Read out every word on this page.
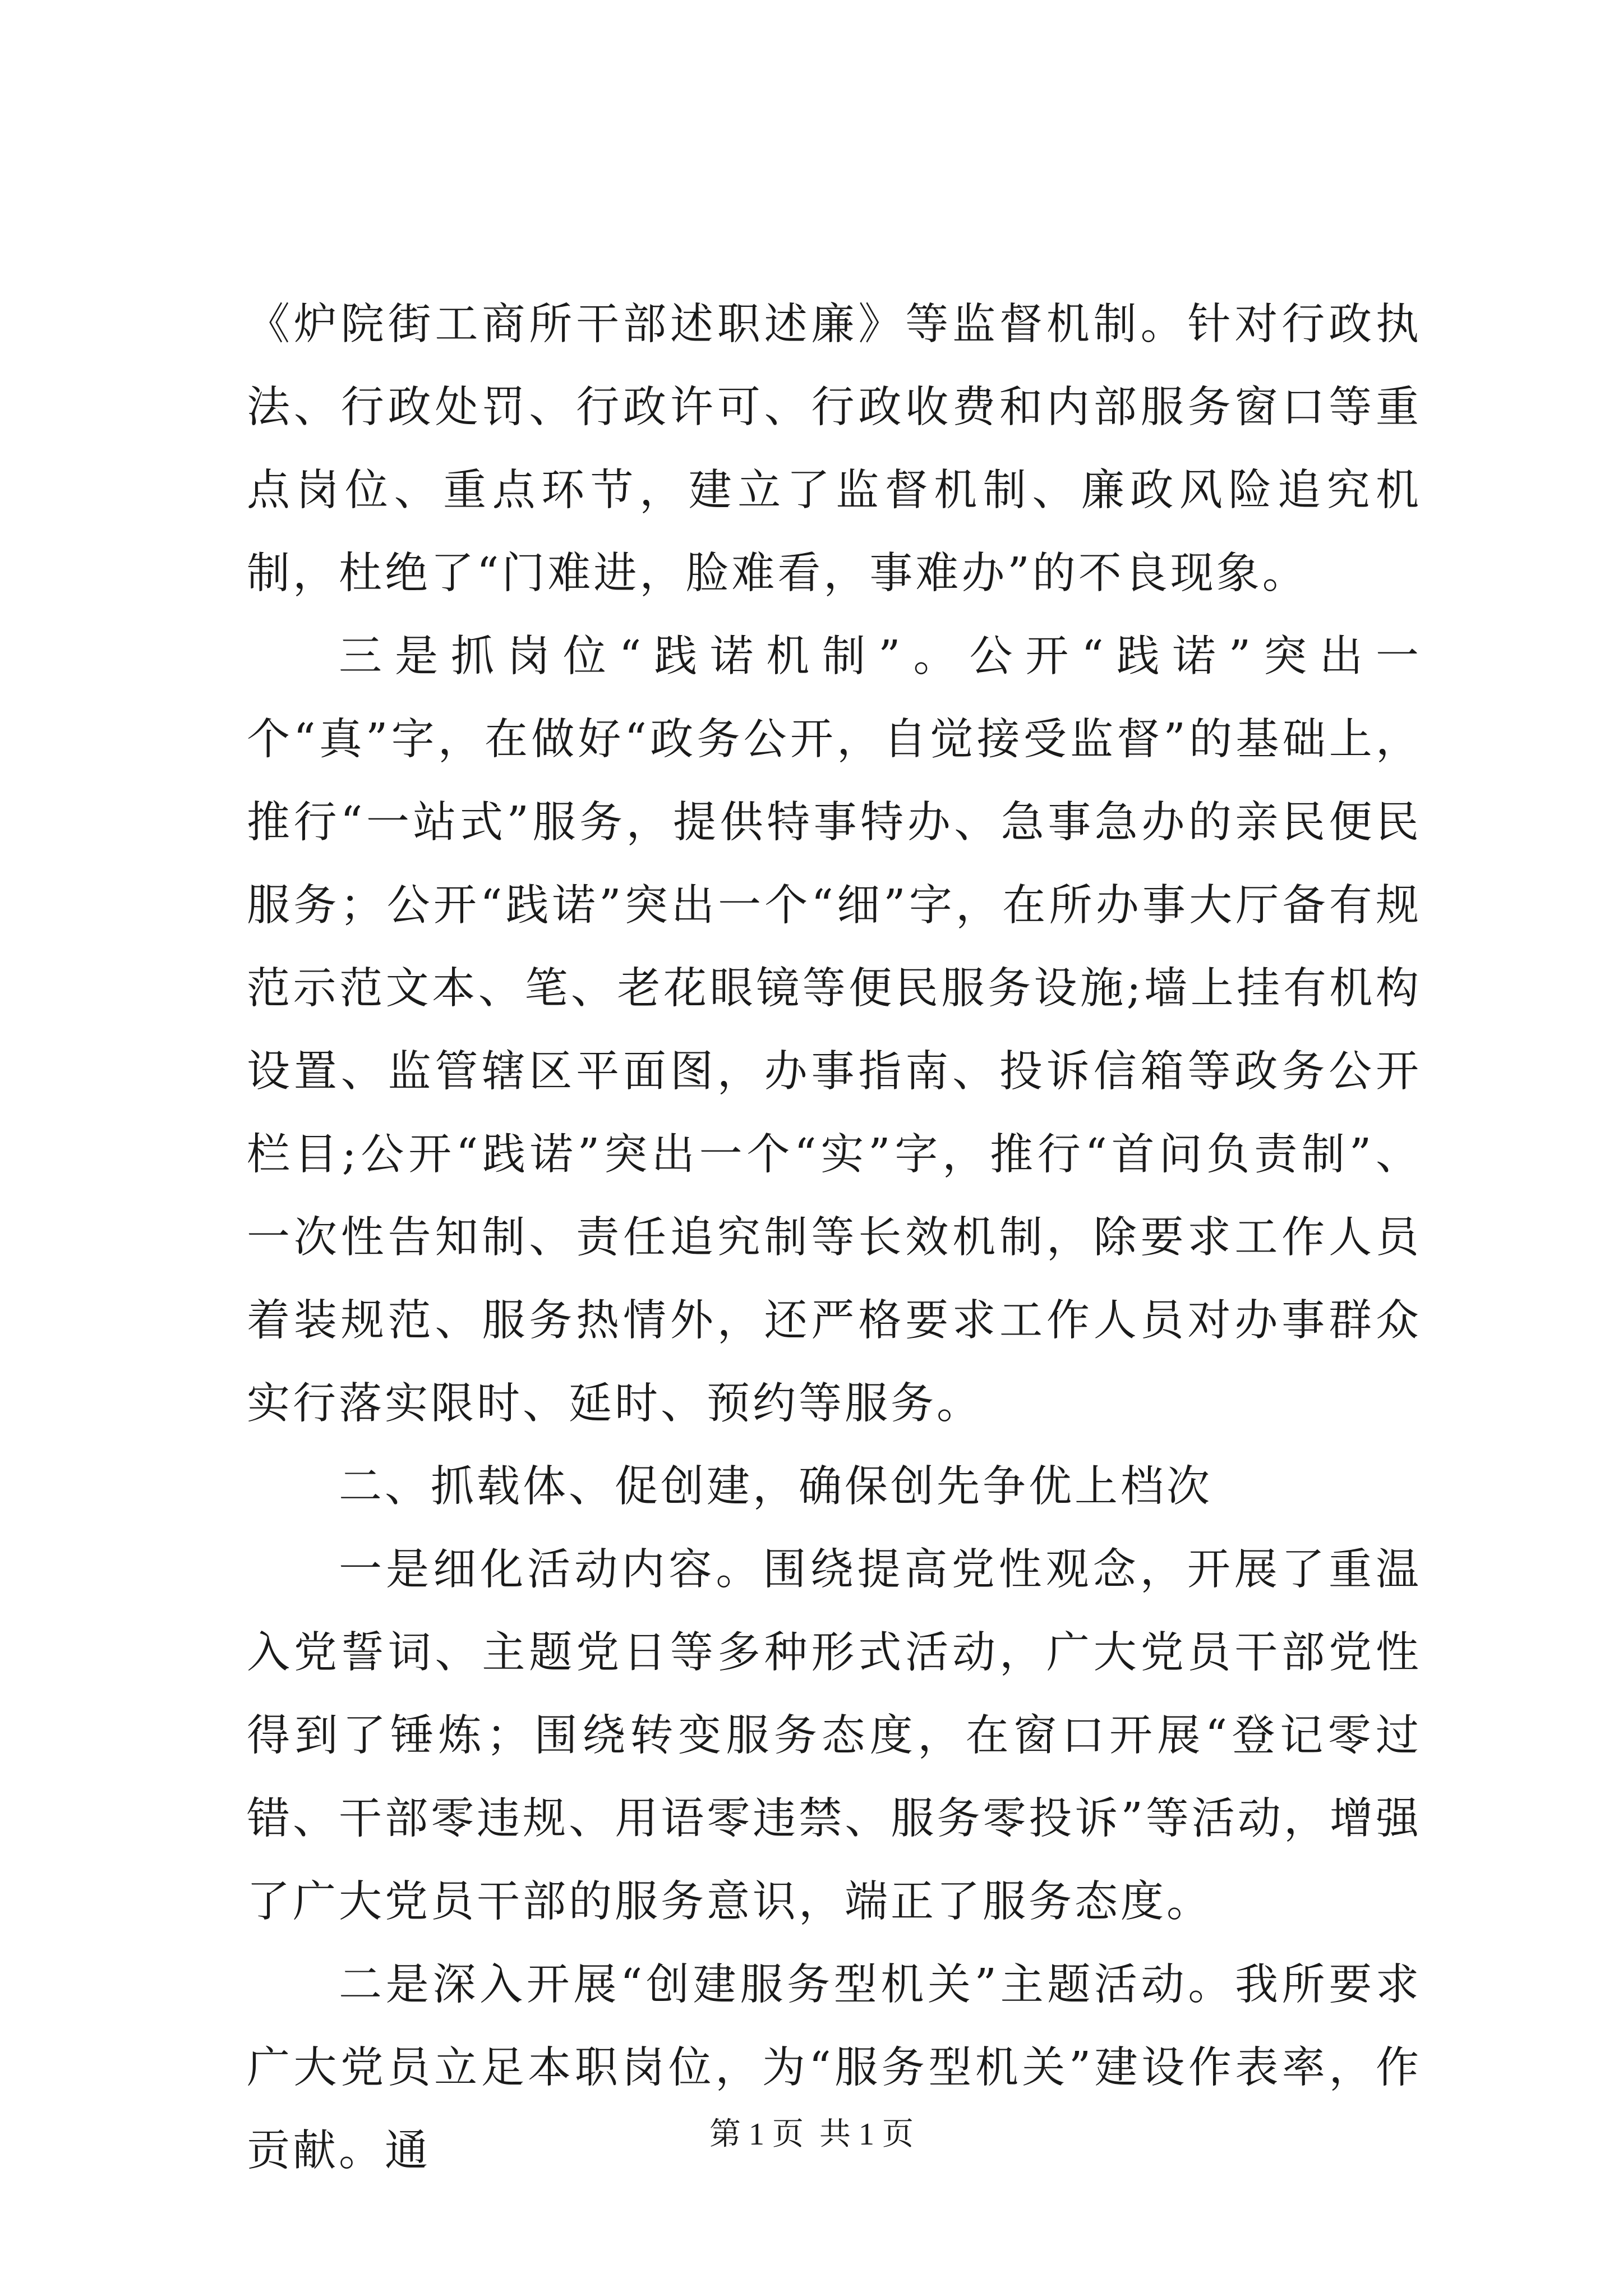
《炉院街工商所干部述职述廉》等监督机制。针对行政执法、行政处罚、行政许可、行政收费和内部服务窗口等重点岗位、重点环节，建立了监督机制、廉政风险追究机制，杜绝了“门难进，脸难看，事难办”的不良现象。

三是抓岗位“践诺机制”。公开“践诺”突出一个“真”字，在做好“政务公开，自觉接受监督”的基础上，推行“一站式”服务，提供特事特办、急事急办的亲民便民服务；公开“践诺”突出一个“细”字，在所办事大厅备有规范示范文本、笔、老花眼镜等便民服务设施;墙上挂有机构设置、监管辖区平面图，办事指南、投诉信箱等政务公开栏目;公开“践诺”突出一个“实”字，推行“首问负责制”、一次性告知制、责任追究制等长效机制，除要求工作人员着装规范、服务热情外，还严格要求工作人员对办事群众实行落实限时、延时、预约等服务。

二、抓载体、促创建，确保创先争优上档次

一是细化活动内容。围绕提高党性观念，开展了重温入党誓词、主题党日等多种形式活动，广大党员干部党性得到了锤炼；围绕转变服务态度，在窗口开展“登记零过错、干部零违规、用语零违禁、服务零投诉”等活动，增强了广大党员干部的服务意识，端正了服务态度。

二是深入开展“创建服务型机关”主题活动。我所要求广大党员立足本职岗位，为“服务型机关”建设作表率，作贡献。通	第 1 页  共 1 页
